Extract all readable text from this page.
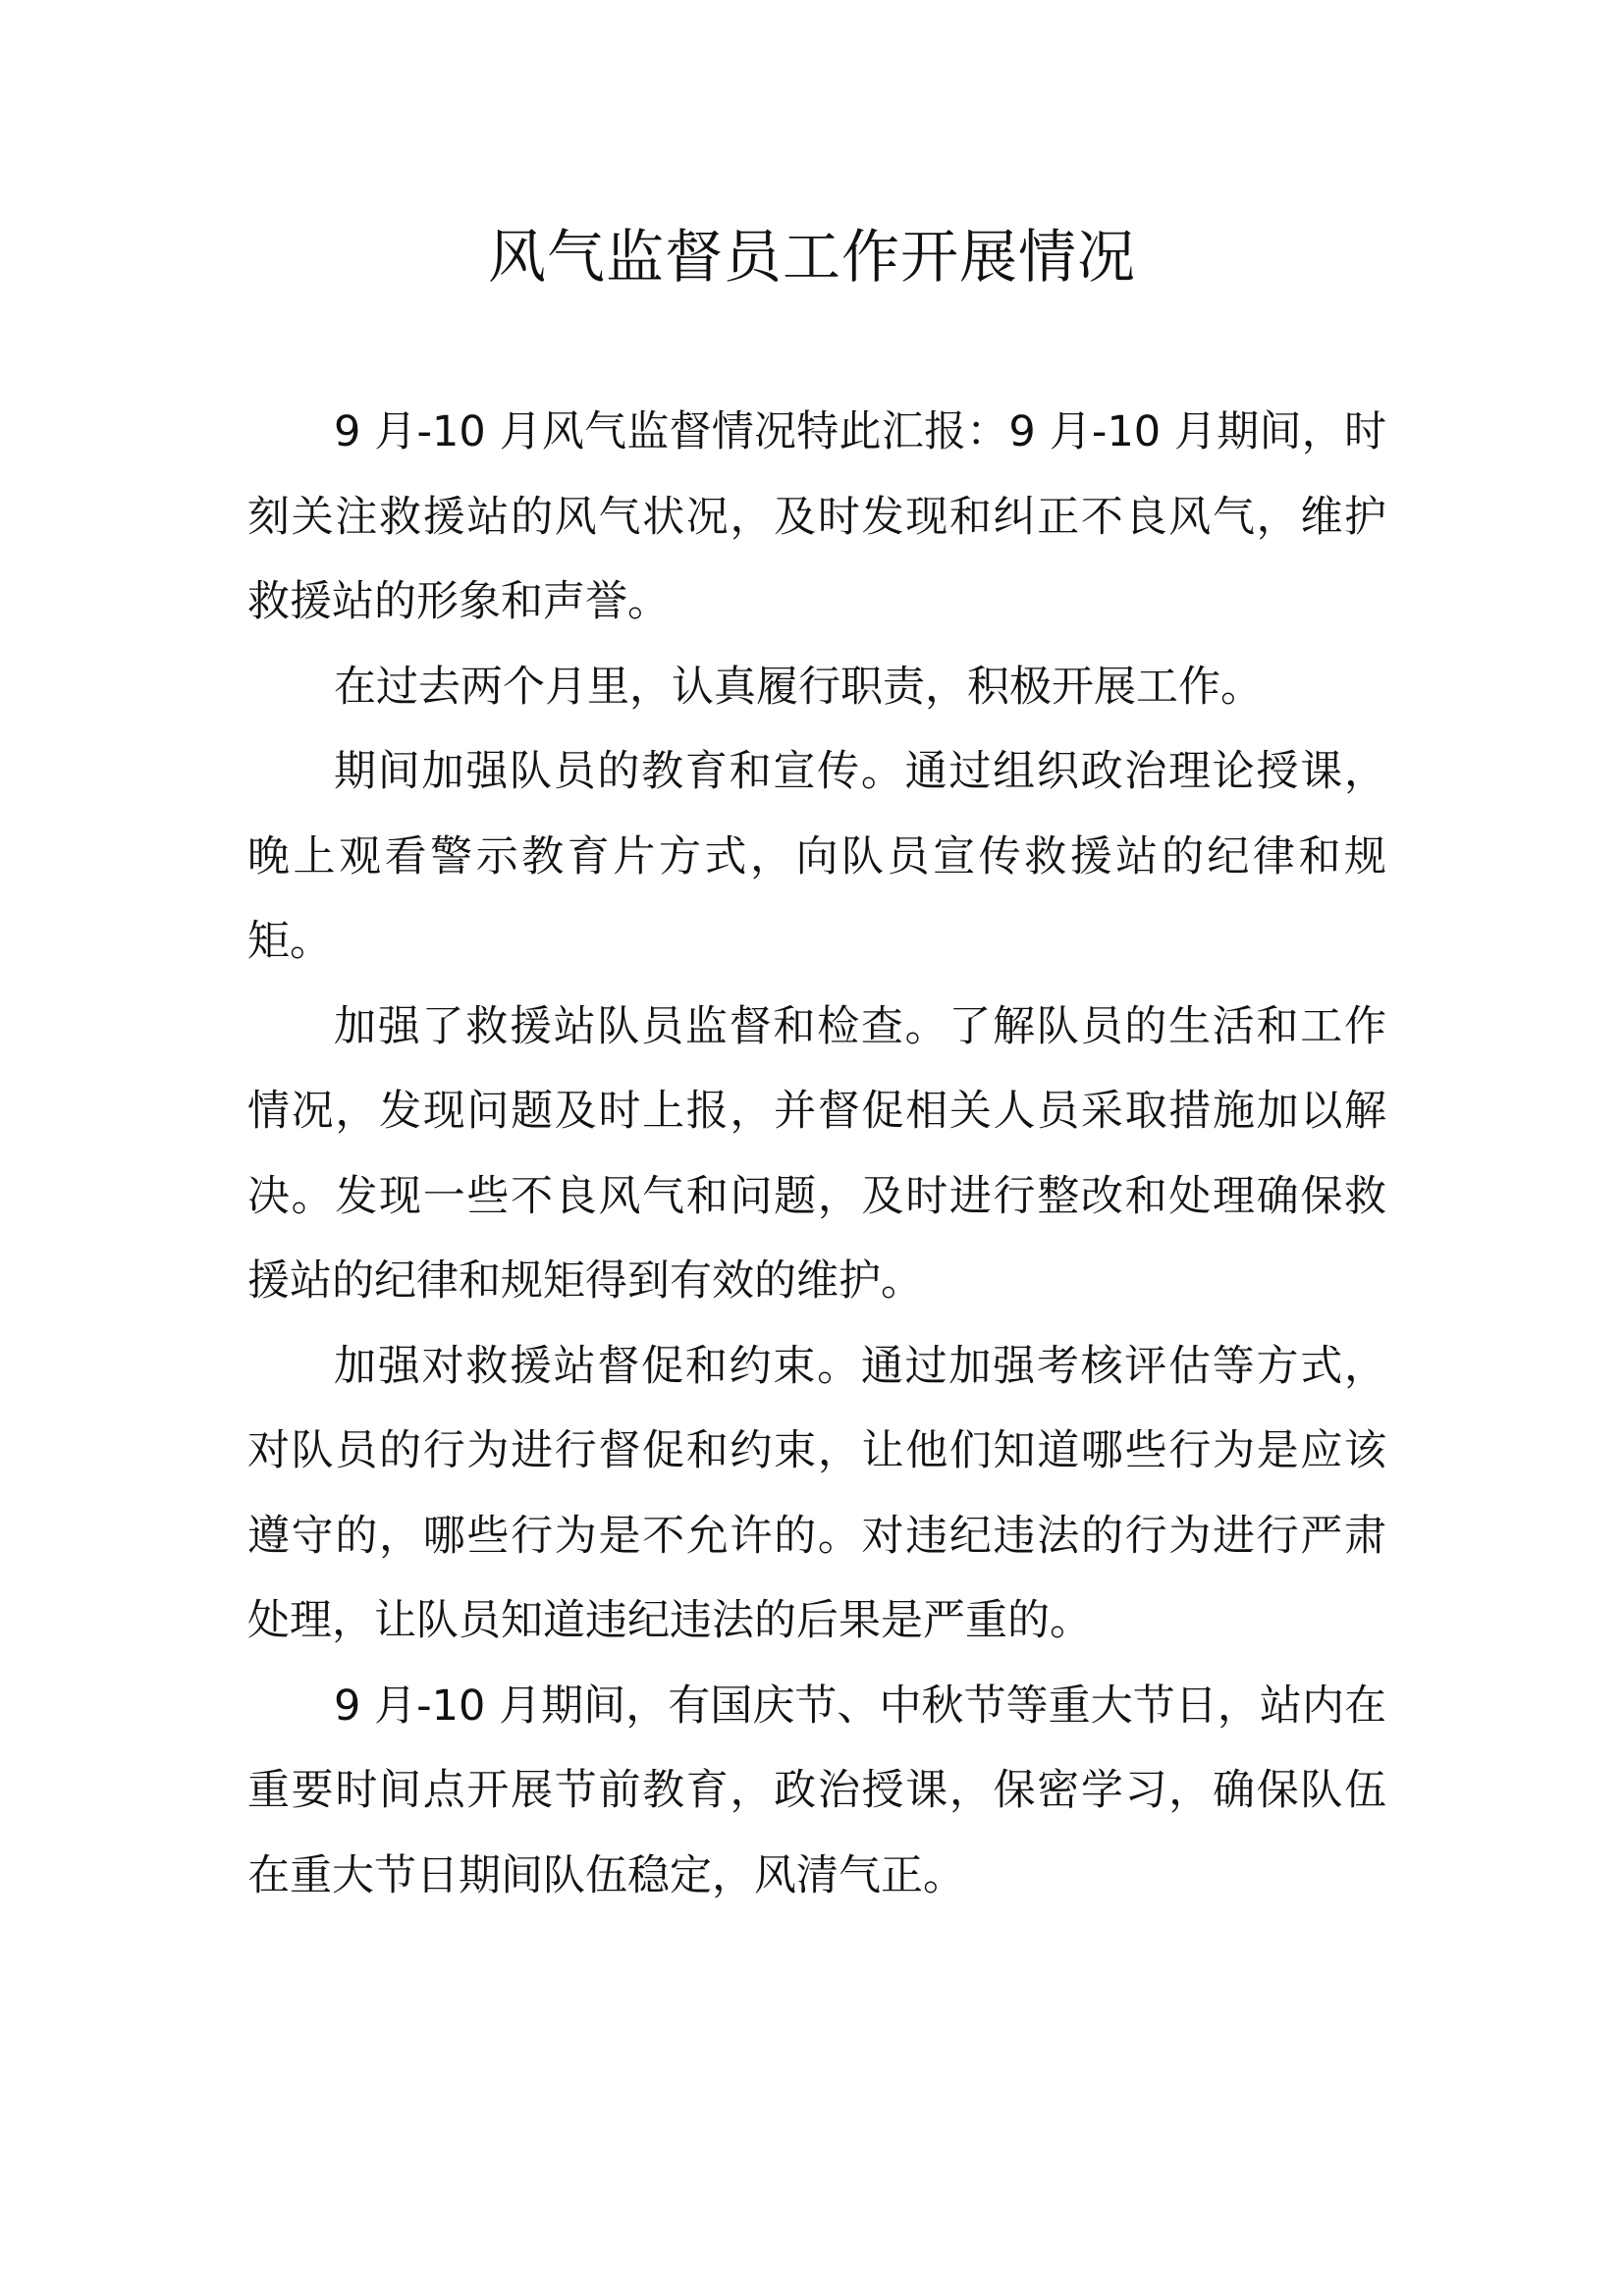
风气监督员工作开展情况

9 月-10 月风气监督情况特此汇报：9 月-10 月期间，时刻关注救援站的风气状况，及时发现和纠正不良风气，维护救援站的形象和声誉。

在过去两个月里，认真履行职责，积极开展工作。

期间加强队员的教育和宣传。通过组织政治理论授课，晚上观看警示教育片方式，向队员宣传救援站的纪律和规矩。

加强了救援站队员监督和检查。了解队员的生活和工作情况，发现问题及时上报，并督促相关人员采取措施加以解决。发现一些不良风气和问题，及时进行整改和处理确保救援站的纪律和规矩得到有效的维护。

加强对救援站督促和约束。通过加强考核评估等方式，对队员的行为进行督促和约束，让他们知道哪些行为是应该遵守的，哪些行为是不允许的。对违纪违法的行为进行严肃处理，让队员知道违纪违法的后果是严重的。

9 月-10 月期间，有国庆节、中秋节等重大节日，站内在重要时间点开展节前教育，政治授课，保密学习，确保队伍在重大节日期间队伍稳定，风清气正。
